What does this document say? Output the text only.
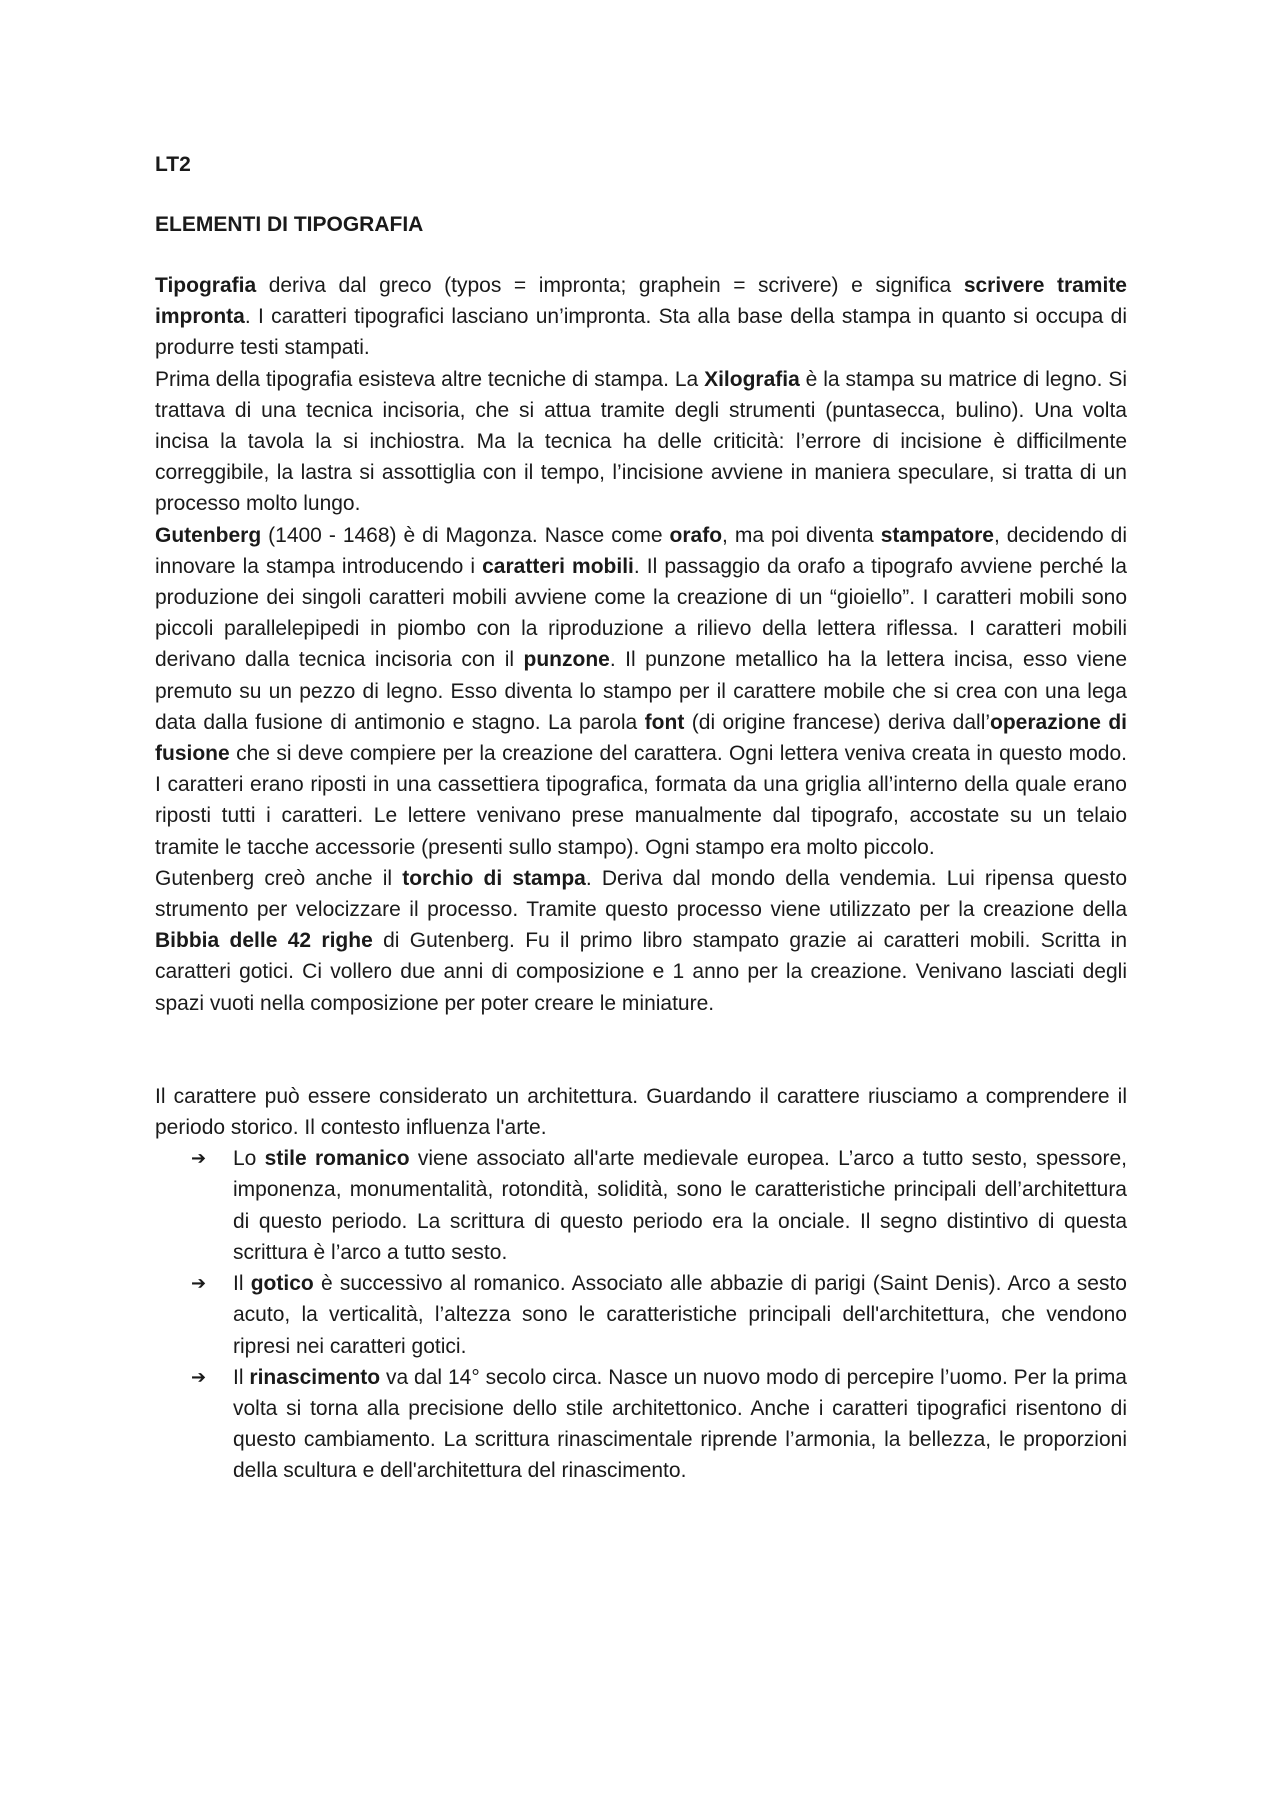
LT2
ELEMENTI DI TIPOGRAFIA

Tipografia deriva dal greco (typos = impronta; graphein = scrivere) e significa scrivere tramite impronta. I caratteri tipografici lasciano un’impronta. Sta alla base della stampa in quanto si occupa di produrre testi stampati.

Prima della tipografia esisteva altre tecniche di stampa. La Xilografia è la stampa su matrice di legno. Si trattava di una tecnica incisoria, che si attua tramite degli strumenti (puntasecca, bulino). Una volta incisa la tavola la si inchiostra. Ma la tecnica ha delle criticità: l’errore di incisione è difficilmente correggibile, la lastra si assottiglia con il tempo, l’incisione avviene in maniera speculare, si tratta di un processo molto lungo.

Gutenberg (1400 - 1468) è di Magonza. Nasce come orafo, ma poi diventa stampatore, decidendo di innovare la stampa introducendo i caratteri mobili. Il passaggio da orafo a tipografo avviene perché la produzione dei singoli caratteri mobili avviene come la creazione di un “gioiello”. I caratteri mobili sono piccoli parallelepipedi in piombo con la riproduzione a rilievo della lettera riflessa. I caratteri mobili derivano dalla tecnica incisoria con il punzone. Il punzone metallico ha la lettera incisa, esso viene premuto su un pezzo di legno. Esso diventa lo stampo per il carattere mobile che si crea con una lega data dalla fusione di antimonio e stagno. La parola font (di origine francese) deriva dall’operazione di fusione che si deve compiere per la creazione del carattera. Ogni lettera veniva creata in questo modo. I caratteri erano riposti in una cassettiera tipografica, formata da una griglia all’interno della quale erano riposti tutti i caratteri. Le lettere venivano prese manualmente dal tipografo, accostate su un telaio tramite le tacche accessorie (presenti sullo stampo). Ogni stampo era molto piccolo.

Gutenberg creò anche il torchio di stampa. Deriva dal mondo della vendemia. Lui ripensa questo strumento per velocizzare il processo. Tramite questo processo viene utilizzato per la creazione della Bibbia delle 42 righe di Gutenberg. Fu il primo libro stampato grazie ai caratteri mobili. Scritta in caratteri gotici. Ci vollero due anni di composizione e 1 anno per la creazione. Venivano lasciati degli spazi vuoti nella composizione per poter creare le miniature.

Il carattere può essere considerato un architettura. Guardando il carattere riusciamo a comprendere il periodo storico. Il contesto influenza l'arte.

➔ Lo stile romanico viene associato all'arte medievale europea. L’arco a tutto sesto, spessore, imponenza, monumentalità, rotondità, solidità, sono le caratteristiche principali dell’architettura di questo periodo. La scrittura di questo periodo era la onciale. Il segno distintivo di questa scrittura è l’arco a tutto sesto.
➔ Il gotico è successivo al romanico. Associato alle abbazie di parigi (Saint Denis). Arco a sesto acuto, la verticalità, l’altezza sono le caratteristiche principali dell'architettura, che vendono ripresi nei caratteri gotici.
➔ Il rinascimento va dal 14° secolo circa. Nasce un nuovo modo di percepire l’uomo. Per la prima volta si torna alla precisione dello stile architettonico. Anche i caratteri tipografici risentono di questo cambiamento. La scrittura rinascimentale riprende l’armonia, la bellezza, le proporzioni della scultura e dell'architettura del rinascimento.
